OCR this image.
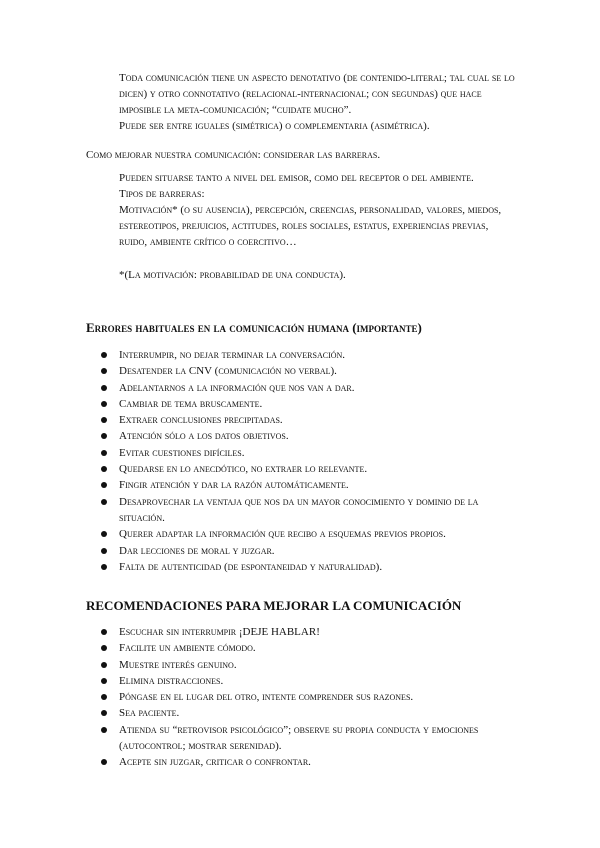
Toda comunicación tiene un aspecto denotativo (de contenido-literal; tal cual se lo dicen) y otro connotativo (relacional-internacional; con segundas) que hace imposible la meta-comunicación; “cuidate mucho”.
Puede ser entre iguales (simétrica) o complementaria (asimétrica).
Como mejorar nuestra comunicación: considerar las barreras.
Pueden situarse tanto a nivel del emisor, como del receptor o del ambiente.
Tipos de barreras:
Motivación* (o su ausencia), percepción, creencias, personalidad, valores, miedos, estereotipos, prejuicios, actitudes, roles sociales, estatus, experiencias previas, ruido, ambiente crítico o coercitivo…
*(La motivación: probabilidad de una conducta).
Errores habituales en la comunicación humana (importante)
Interrumpir, no dejar terminar la conversación.
Desatender la CNV (comunicación no verbal).
Adelantarnos a la información que nos van a dar.
Cambiar de tema bruscamente.
Extraer conclusiones precipitadas.
Atención sólo a los datos objetivos.
Evitar cuestiones difíciles.
Quedarse en lo anecdótico, no extraer lo relevante.
Fingir atención y dar la razón automáticamente.
Desaprovechar la ventaja que nos da un mayor conocimiento y dominio de la situación.
Querer adaptar la información que recibo a esquemas previos propios.
Dar lecciones de moral y juzgar.
Falta de autenticidad (de espontaneidad y naturalidad).
RECOMENDACIONES PARA MEJORAR LA COMUNICACIÓN
Escuchar sin interrumpir ¡DEJE HABLAR!
Facilite un ambiente cómodo.
Muestre interés genuino.
Elimina distracciones.
Póngase en el lugar del otro, intente comprender sus razones.
Sea paciente.
Atienda su “retrovisor psicológico”; observe su propia conducta y emociones (autocontrol; mostrar serenidad).
Acepte sin juzgar, criticar o confrontar.
